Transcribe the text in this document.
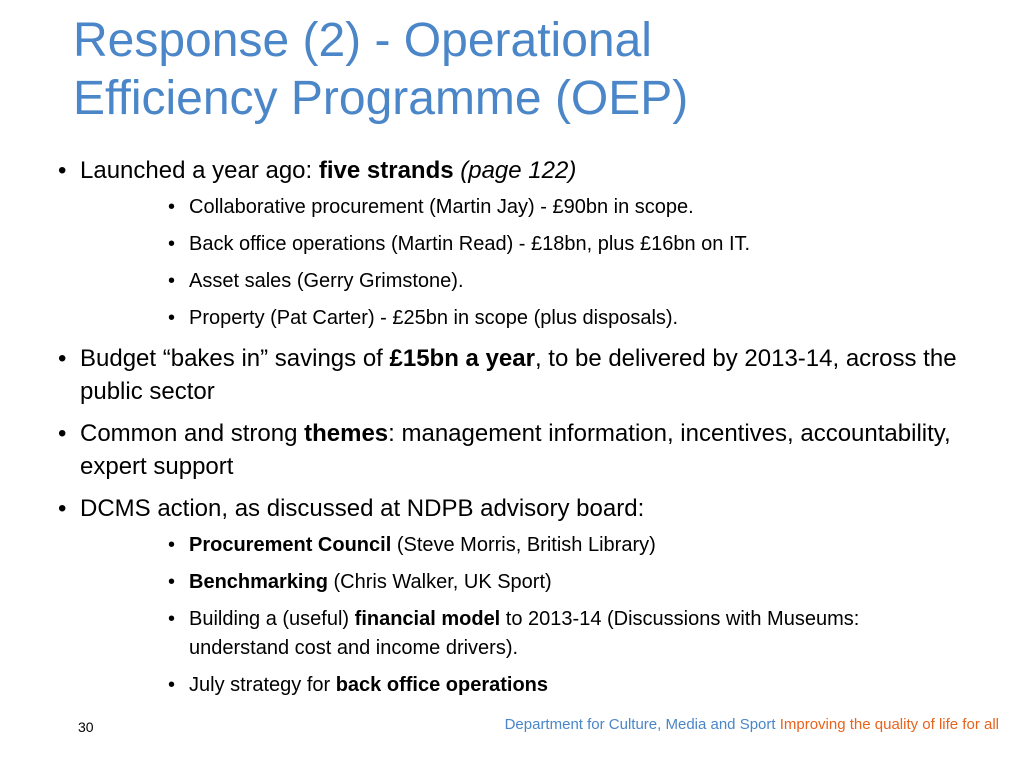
Response (2) - Operational
Efficiency Programme (OEP)
• Launched a year ago: five strands (page 122)
• Collaborative procurement (Martin Jay) - £90bn in scope.
• Back office operations (Martin Read) - £18bn, plus £16bn on IT.
• Asset sales (Gerry Grimstone).
• Property (Pat Carter) - £25bn in scope (plus disposals).
• Budget “bakes in” savings of £15bn a year, to be delivered by 2013-14, across the public sector
• Common and strong themes: management information, incentives, accountability, expert support
• DCMS action, as discussed at NDPB advisory board:
• Procurement Council (Steve Morris, British Library)
• Benchmarking (Chris Walker, UK Sport)
• Building a (useful) financial model to 2013-14 (Discussions with Museums: understand cost and income drivers).
• July strategy for back office operations
30	Department for Culture, Media and Sport Improving the quality of life for all
